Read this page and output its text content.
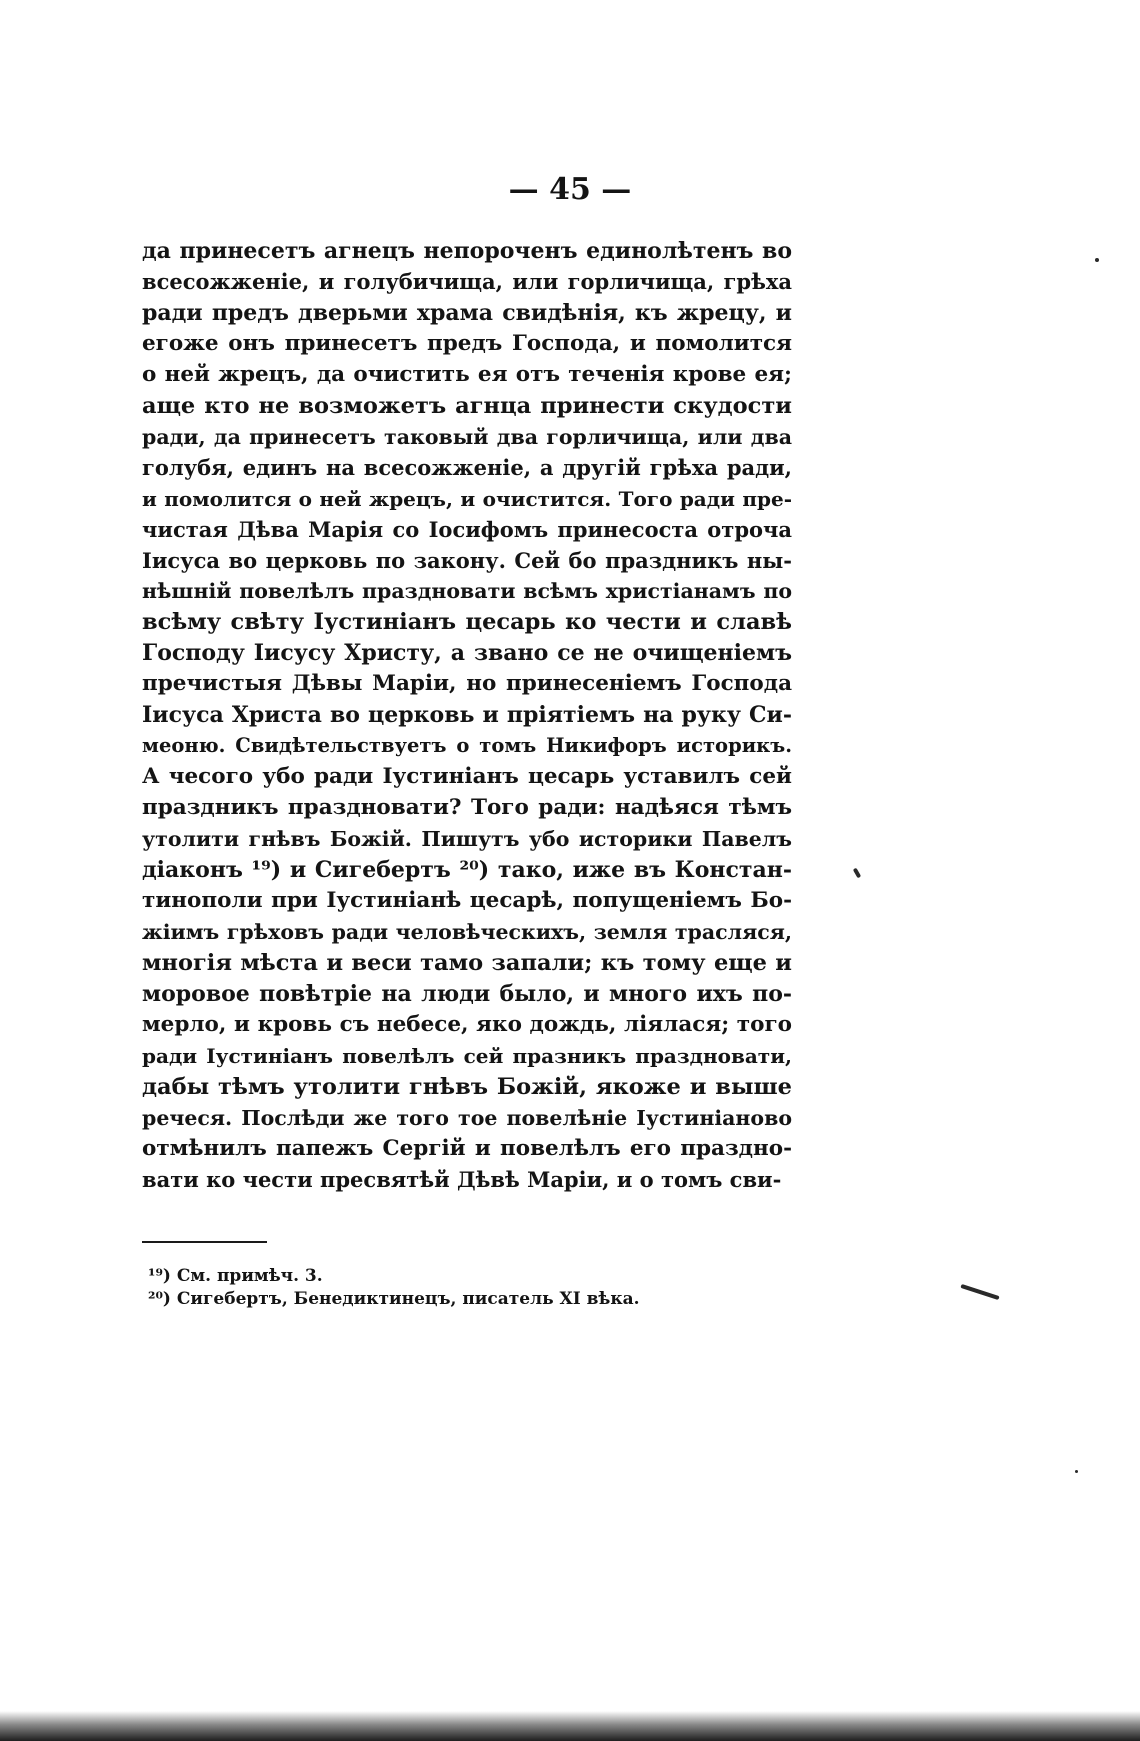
— 45 —
да принесетъ агнецъ непороченъ единолѣтенъ во
всесожженіе, и голубичища, или горличища, грѣха
ради предъ дверьми храма свидѣнія, къ жрецу, и
егоже онъ принесетъ предъ Господа, и помолится
о ней жрецъ, да очистить ея отъ теченія крове ея;
аще кто не возможетъ агнца принести скудости
ради, да принесетъ таковый два горличища, или два
голубя, единъ на всесожженіе, а другій грѣха ради,
и помолится о ней жрецъ, и очистится. Того ради пре-
чистая Дѣва Марія со Іосифомъ принесоста отроча
Іисуса во церковь по закону. Сей бо праздникъ ны-
нѣшній повелѣлъ праздновати всѣмъ христіанамъ по
всѣму свѣту Іустиніанъ цесарь ко чести и славѣ
Господу Іисусу Христу, а звано се не очищеніемъ
пречистыя Дѣвы Маріи, но принесеніемъ Господа
Іисуса Христа во церковь и пріятіемъ на руку Си-
меоню. Свидѣтельствуетъ о томъ Никифоръ историкъ.
А чесого убо ради Іустиніанъ цесарь уставилъ сей
праздникъ праздновати? Того ради: надѣяся тѣмъ
утолити гнѣвъ Божій. Пишутъ убо историки Павелъ
діаконъ ¹⁹) и Сигебертъ ²⁰) тако, иже въ Констан-
тинополи при Іустиніанѣ цесарѣ, попущеніемъ Бо-
жіимъ грѣховъ ради человѣческихъ, земля трасляся,
многія мѣста и веси тамо запали; къ тому еще и
моровое повѣтріе на люди было, и много ихъ по-
мерло, и кровь съ небесе, яко дождь, ліялася; того
ради Іустиніанъ повелѣлъ сей празникъ праздновати,
дабы тѣмъ утолити гнѣвъ Божій, якоже и выше
речеся. Послѣди же того тое повелѣніе Іустиніаново
отмѣнилъ папежъ Сергій и повелѣлъ его праздно-
вати ко чести пресвятѣй Дѣвѣ Маріи, и о томъ сви-
¹⁹) См. примѣч. 3.
²⁰) Сигебертъ, Бенедиктинецъ, писатель XI вѣка.
